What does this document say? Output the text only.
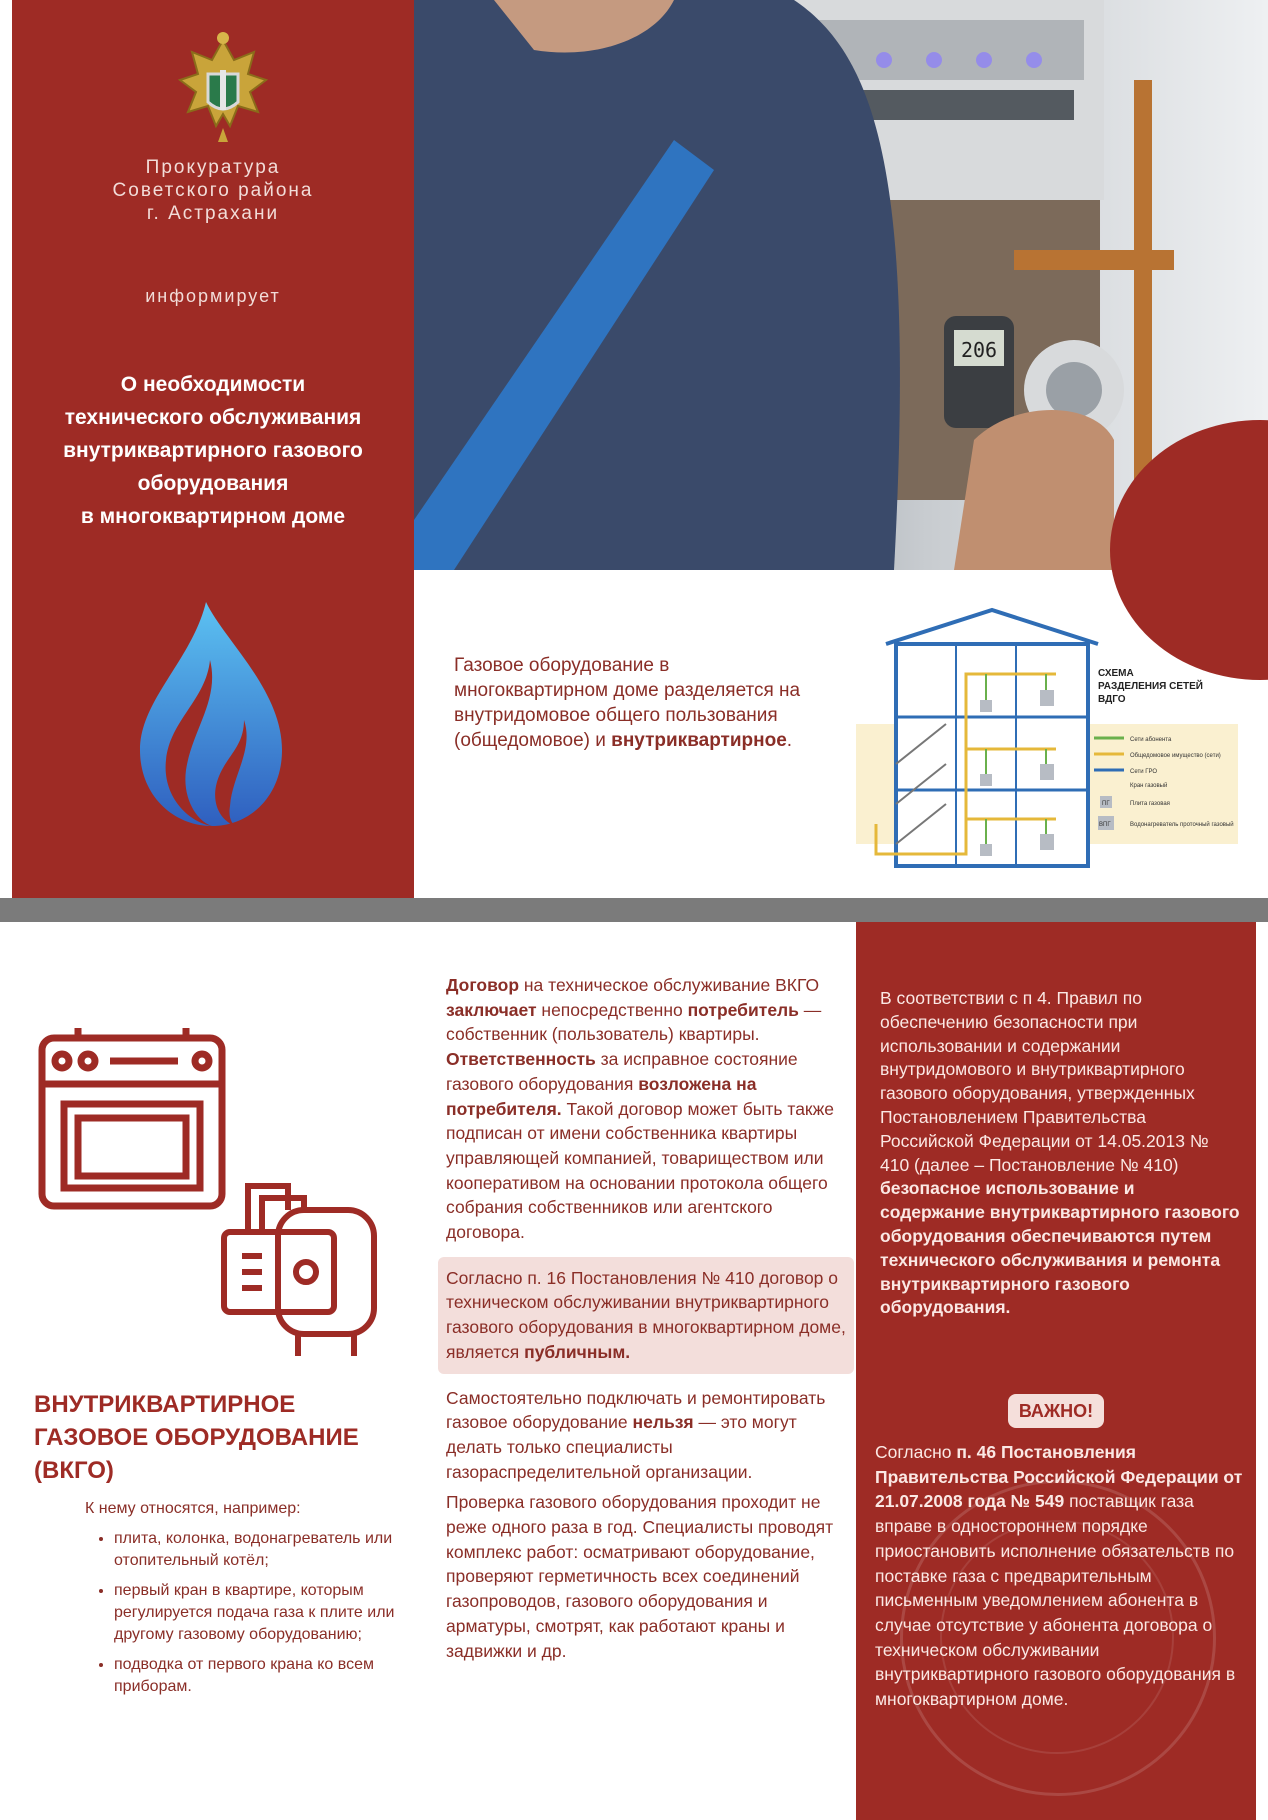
Прокуратура
Советского района
г. Астрахани
информирует
О необходимости
технического обслуживания
внутриквартирного газового
оборудования
в многоквартирном доме
206
Газовое оборудование в многоквартирном доме разделяется на внутридомовое общего пользования (общедомовое) и внутриквартирное.
СХЕМА
РАЗДЕЛЕНИЯ СЕТЕЙ
ВДГО
Сети абонента
Общедомовое имущество (сети)
Сети ГРО
Кран газовый
ПГ	Плита газовая
ВПГ	Водонагреватель проточный газовый
ВНУТРИКВАРТИРНОЕ
ГАЗОВОЕ ОБОРУДОВАНИЕ
(ВКГО)
К нему относятся, например:
• плита, колонка, водонагреватель или отопительный котёл;
• первый кран в квартире, которым регулируется подача газа к плите или другому газовому оборудованию;
• подводка от первого крана ко всем приборам.

Договор на техническое обслуживание ВКГО заключает непосредственно потребитель — собственник (пользователь) квартиры. Ответственность за исправное состояние газового оборудования возложена на потребителя. Такой договор может быть также подписан от имени собственника квартиры управляющей компанией, товариществом или кооперативом на основании протокола общего собрания собственников или агентского договора.

Согласно п. 16 Постановления № 410 договор о техническом обслуживании внутриквартирного газового оборудования в многоквартирном доме, является публичным.

Самостоятельно подключать и ремонтировать газовое оборудование нельзя — это могут делать только специалисты газораспределительной организации.

Проверка газового оборудования проходит не реже одного раза в год. Специалисты проводят комплекс работ: осматривают оборудование, проверяют герметичность всех соединений газопроводов, газового оборудования и арматуры, смотрят, как работают краны и задвижки и др.

В соответствии с п 4. Правил по обеспечению безопасности при использовании и содержании внутридомового и внутриквартирного газового оборудования, утвержденных Постановлением Правительства Российской Федерации от 14.05.2013 № 410 (далее – Постановление № 410) безопасное использование и содержание внутриквартирного газового оборудования обеспечиваются путем технического обслуживания и ремонта внутриквартирного газового оборудования.
ВАЖНО!
Согласно п. 46 Постановления Правительства Российской Федерации от 21.07.2008 года № 549 поставщик газа вправе в одностороннем порядке приостановить исполнение обязательств по поставке газа с предварительным письменным уведомлением абонента в случае отсутствие у абонента договора о техническом обслуживании внутриквартирного газового оборудования в многоквартирном доме.
